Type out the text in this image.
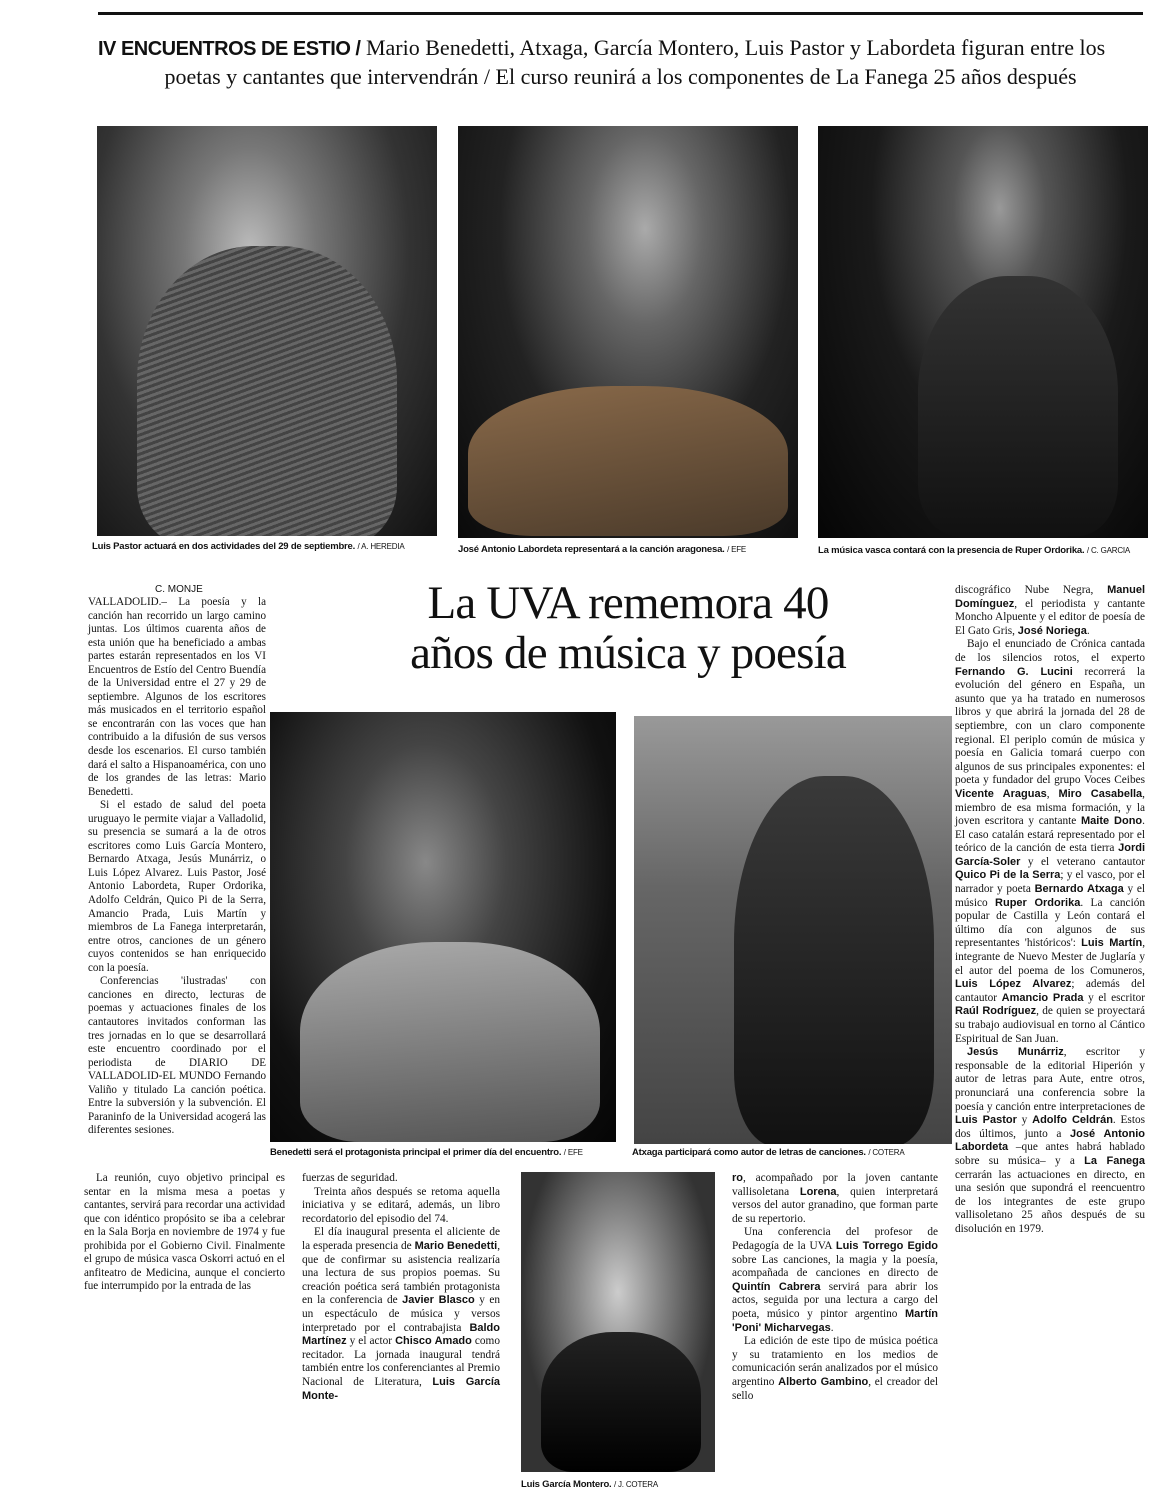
IV ENCUENTROS DE ESTIO / Mario Benedetti, Atxaga, García Montero, Luis Pastor y Labordeta figuran entre los
poetas y cantantes que intervendrán / El curso reunirá a los componentes de La Fanega 25 años después
Luis Pastor actuará en dos actividades del 29 de septiembre. / A. HEREDIA	José Antonio Labordeta representará a la canción aragonesa. / EFE	La música vasca contará con la presencia de Ruper Ordorika. / C. GARCIA
C. MONJE	La UVA rememora 40
años de música y poesía
Benedetti será el protagonista principal el primer día del encuentro. / EFE	Atxaga participará como autor de letras de canciones. / COTERA
Luis García Montero. / J. COTERA

VALLADOLID.– La poesía y la canción han recorrido un largo camino juntas. Los últimos cuarenta años de esta unión que ha beneficiado a ambas partes estarán representados en los VI Encuentros de Estío del Centro Buendía de la Universidad entre el 27 y 29 de septiembre. Algunos de los escritores más musicados en el territorio español se encontrarán con las voces que han contribuido a la difusión de sus versos desde los escenarios. El curso también dará el salto a Hispanoamérica, con uno de los grandes de las letras: Mario Benedetti.

Si el estado de salud del poeta uruguayo le permite viajar a Valladolid, su presencia se sumará a la de otros escritores como Luis García Montero, Bernardo Atxaga, Jesús Munárriz, o Luis López Alvarez. Luis Pastor, José Antonio Labordeta, Ruper Ordorika, Adolfo Celdrán, Quico Pi de la Serra, Amancio Prada, Luis Martín y miembros de La Fanega interpretarán, entre otros, canciones de un género cuyos contenidos se han enriquecido con la poesía.

Conferencias 'ilustradas' con canciones en directo, lecturas de poemas y actuaciones finales de los cantautores invitados conforman las tres jornadas en lo que se desarrollará este encuentro coordinado por el periodista de DIARIO DE VALLADOLID-EL MUNDO Fernando Valiño y titulado La canción poética. Entre la subversión y la subvención. El Paraninfo de la Universidad acogerá las diferentes sesiones.

La reunión, cuyo objetivo principal es sentar en la misma mesa a poetas y cantantes, servirá para recordar una actividad que con idéntico propósito se iba a celebrar en la Sala Borja en noviembre de 1974 y fue prohibida por el Gobierno Civil. Finalmente el grupo de música vasca Oskorri actuó en el anfiteatro de Medicina, aunque el concierto fue interrumpido por la entrada de las

fuerzas de seguridad.

Treinta años después se retoma aquella iniciativa y se editará, además, un libro recordatorio del episodio del 74.

El día inaugural presenta el aliciente de la esperada presencia de Mario Benedetti, que de confirmar su asistencia realizaría una lectura de sus propios poemas. Su creación poética será también protagonista en la conferencia de Javier Blasco y en un espectáculo de música y versos interpretado por el contrabajista Baldo Martínez y el actor Chisco Amado como recitador. La jornada inaugural tendrá también entre los conferenciantes al Premio Nacional de Literatura, Luis García Monte-

ro, acompañado por la joven cantante vallisoletana Lorena, quien interpretará versos del autor granadino, que forman parte de su repertorio.

Una conferencia del profesor de Pedagogía de la UVA Luis Torrego Egido sobre Las canciones, la magia y la poesía, acompañada de canciones en directo de Quintín Cabrera servirá para abrir los actos, seguida por una lectura a cargo del poeta, músico y pintor argentino Martín 'Poni' Micharvegas.

La edición de este tipo de música poética y su tratamiento en los medios de comunicación serán analizados por el músico argentino Alberto Gambino, el creador del sello

discográfico Nube Negra, Manuel Domínguez, el periodista y cantante Moncho Alpuente y el editor de poesía de El Gato Gris, José Noriega.

Bajo el enunciado de Crónica cantada de los silencios rotos, el experto Fernando G. Lucini recorrerá la evolución del género en España, un asunto que ya ha tratado en numerosos libros y que abrirá la jornada del 28 de septiembre, con un claro componente regional. El periplo común de música y poesía en Galicia tomará cuerpo con algunos de sus principales exponentes: el poeta y fundador del grupo Voces Ceibes Vicente Araguas, Miro Casabella, miembro de esa misma formación, y la joven escritora y cantante Maite Dono. El caso catalán estará representado por el teórico de la canción de esta tierra Jordi García-Soler y el veterano cantautor Quico Pi de la Serra; y el vasco, por el narrador y poeta Bernardo Atxaga y el músico Ruper Ordorika. La canción popular de Castilla y León contará el último día con algunos de sus representantes 'históricos': Luis Martín, integrante de Nuevo Mester de Juglaría y el autor del poema de los Comuneros, Luis López Alvarez; además del cantautor Amancio Prada y el escritor Raúl Rodríguez, de quien se proyectará su trabajo audiovisual en torno al Cántico Espiritual de San Juan.

Jesús Munárriz, escritor y responsable de la editorial Hiperión y autor de letras para Aute, entre otros, pronunciará una conferencia sobre la poesía y canción entre interpretaciones de Luis Pastor y Adolfo Celdrán. Estos dos últimos, junto a José Antonio Labordeta –que antes habrá hablado sobre su música– y a La Fanega cerrarán las actuaciones en directo, en una sesión que supondrá el reencuentro de los integrantes de este grupo vallisoletano 25 años después de su disolución en 1979.
